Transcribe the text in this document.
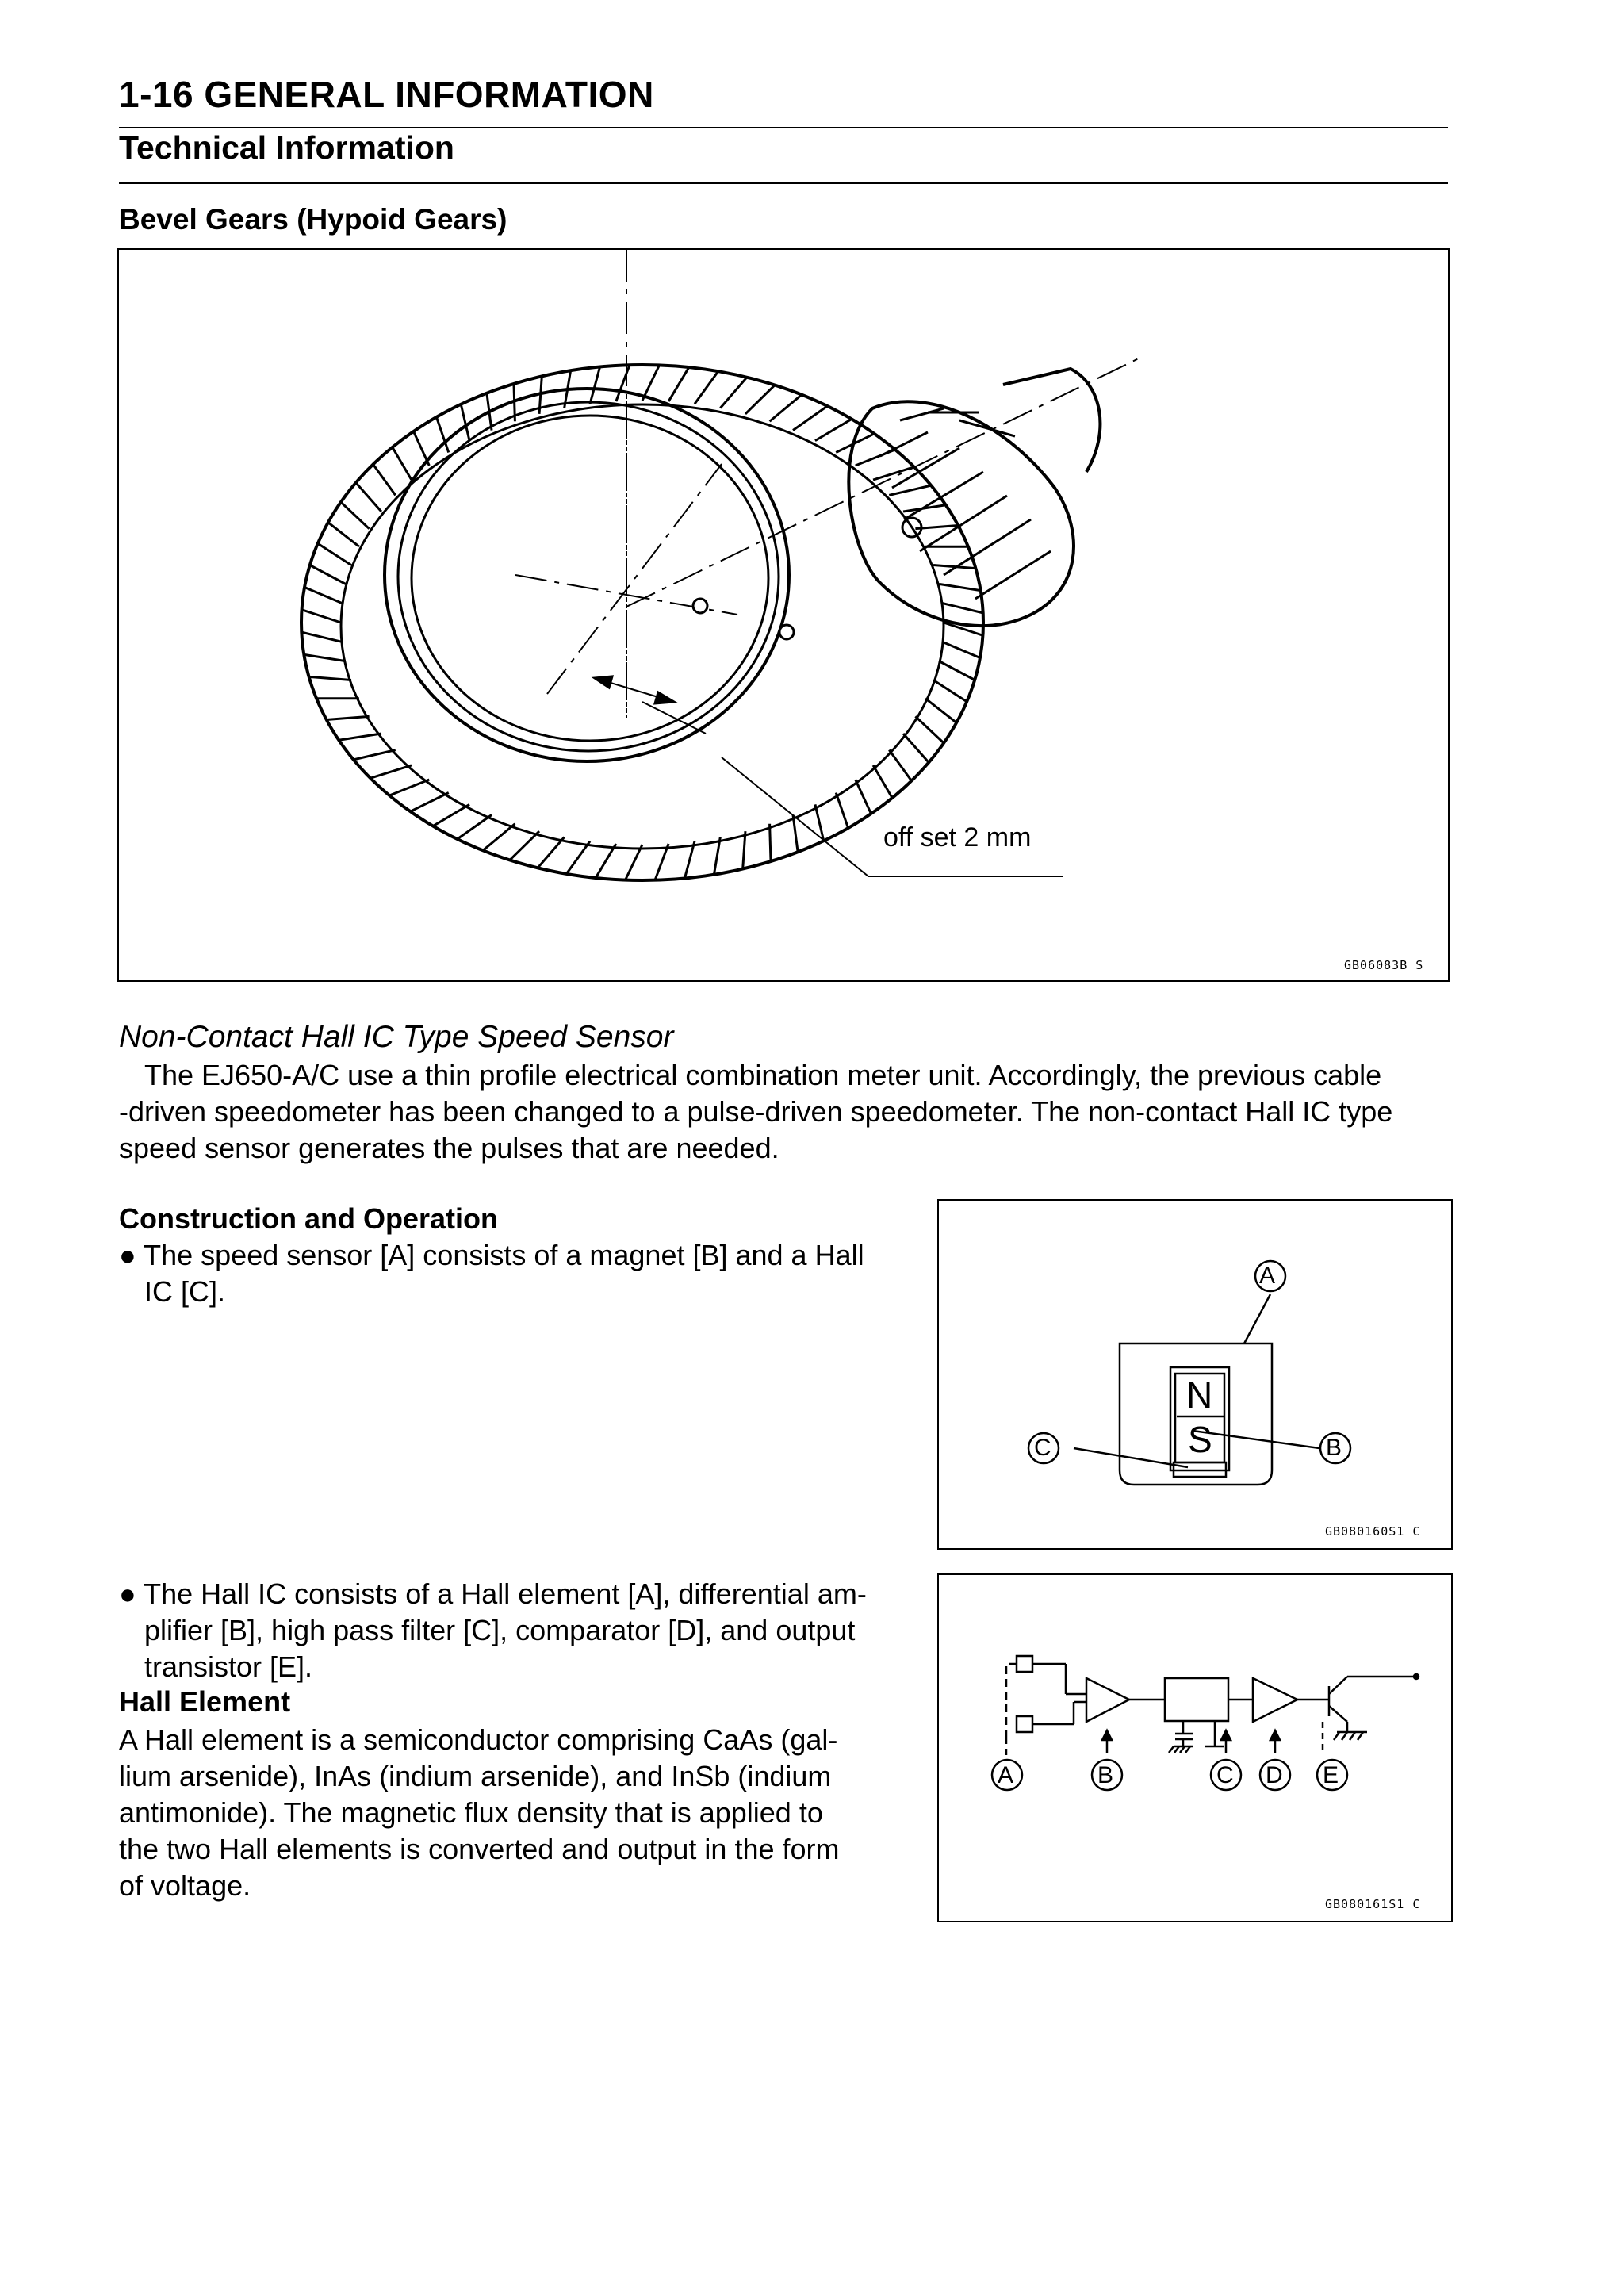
1-16 GENERAL INFORMATION
Technical Information
Bevel Gears (Hypoid Gears)
off set 2 mm
GB06083B S
Non-Contact Hall IC Type Speed Sensor
The EJ650-A/C use a thin profile electrical combination meter unit. Accordingly, the previous cable
-driven speedometer has been changed to a pulse-driven speedometer. The non-contact Hall IC type
speed sensor generates the pulses that are needed.
Construction and Operation
● The speed sensor [A] consists of a magnet [B] and a Hall
IC [C].	A
B
C
N
S
GB080160S1 C
● The Hall IC consists of a Hall element [A], differential am-
plifier [B], high pass filter [C], comparator [D], and output
transistor [E].
Hall Element
A Hall element is a semiconductor comprising CaAs (gal-
lium arsenide), InAs (indium arsenide), and InSb (indium
antimonide). The magnetic flux density that is applied to
the two Hall elements is converted and output in the form
of voltage.
A	B	C D E
GB080161S1 C
